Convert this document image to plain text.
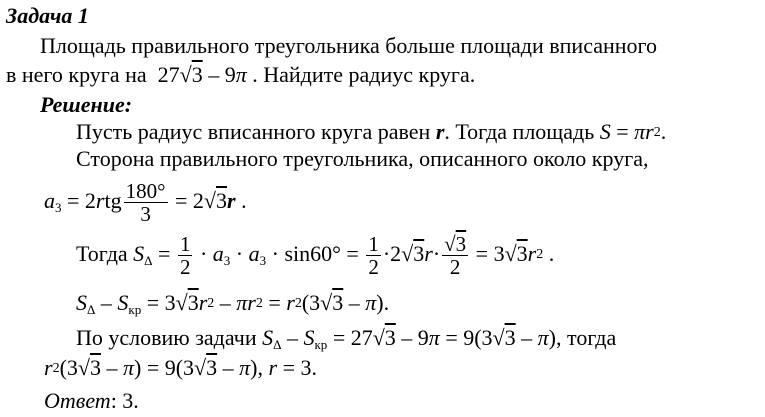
Задача 1
Площадь правильного треугольника больше площади вписанного
в него круга на  27√3 – 9π . Найдите радиус круга.
Решение:
Пусть радиус вписанного круга равен r. Тогда площадь $S = \pi r^2$.
Сторона правильного треугольника, описанного около круга,
$a_3 = 2rtg \frac{180^\circ}{3} = 2√3r$ .
Тогда $S_\Delta = \frac{1}{2} \cdot a_3 \cdot a_3 \cdot \sin 60^\circ = \frac{1}{2} \cdot 2√3r\cdot \frac{√3}{2} = 3√3r^2$ .
$S_\Delta - S_{кр} = 3√3r^2 - \pi r^2 = r^2(3√3 - \pi)$.
По условию задачи $S_\Delta - S_{кр} = 27√3 - 9\pi = 9(3√3 - \pi)$, тогда
$r^2(3√3 - \pi) = 9(3√3 - \pi)$, r = 3.
Ответ: 3.
